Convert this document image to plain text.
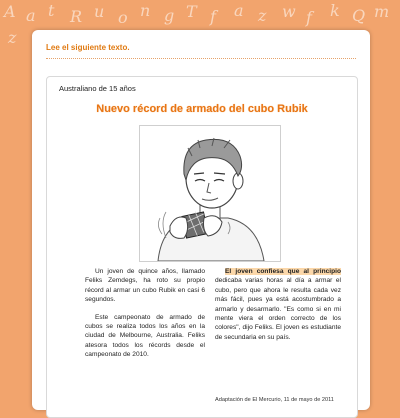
A a t R u o n g T f a z w f k Q m
z
Lee el siguiente texto.
Australiano de 15 años
Nuevo récord de armado del cubo Rubik

Un joven de quince años, llamado Feliks Zemdegs, ha roto su propio récord al armar un cubo Rubik en casi 6 segundos.

Este campeonato de armado de cubos se realiza todos los años en la ciudad de Melbourne, Australia. Feliks atesora todos los récords desde el campeonato de 2010.

El joven confiesa que al principio dedicaba varias horas al día a armar el cubo, pero que ahora le resulta cada vez más fácil, pues ya está acostumbrado a armarlo y desarmarlo. "Es como si en mi mente viera el orden correcto de los colores", dijo Feliks. El joven es estudiante de secundaria en su país.

Adaptación de El Mercurio, 11 de mayo de 2011
